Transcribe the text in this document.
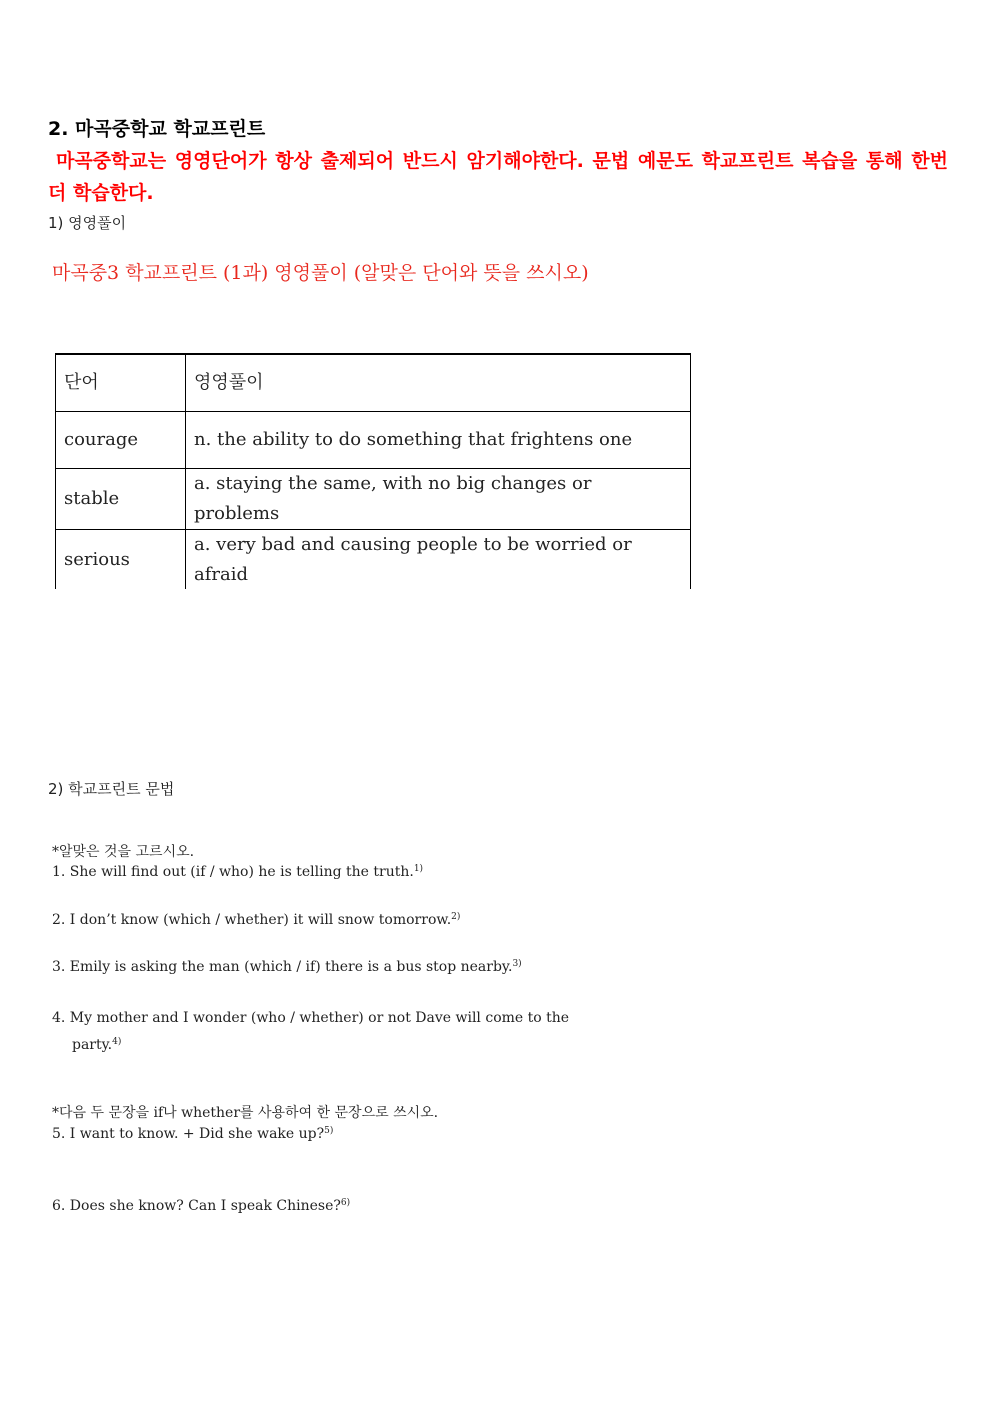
2. 마곡중학교 학교프린트
마곡중학교는 영영단어가 항상 출제되어 반드시 암기해야한다. 문법 예문도 학교프린트 복습을 통해 한번 더 학습한다.
1) 영영풀이
마곡중3 학교프린트 (1과) 영영풀이 (알맞은 단어와 뜻을 쓰시오)
단어	영영풀이
courage	n. the ability to do something that frightens one
stable	a. staying the same, with no big changes or problems
serious	a. very bad and causing people to be worried or afraid

2) 학교프린트 문법
*알맞은 것을 고르시오.
1. She will find out (if / who) he is telling the truth.$^{1)}$
2. I don’t know (which / whether) it will snow tomorrow.$^{2)}$
3. Emily is asking the man (which / if) there is a bus stop nearby.$^{3)}$
4. My mother and I wonder (who / whether) or not Dave will come to the
party.$^{4)}$
*다음 두 문장을 if나 whether를 사용하여 한 문장으로 쓰시오.
5. I want to know. + Did she wake up?$^{5)}$
6. Does she know? Can I speak Chinese?$^{6)}$
